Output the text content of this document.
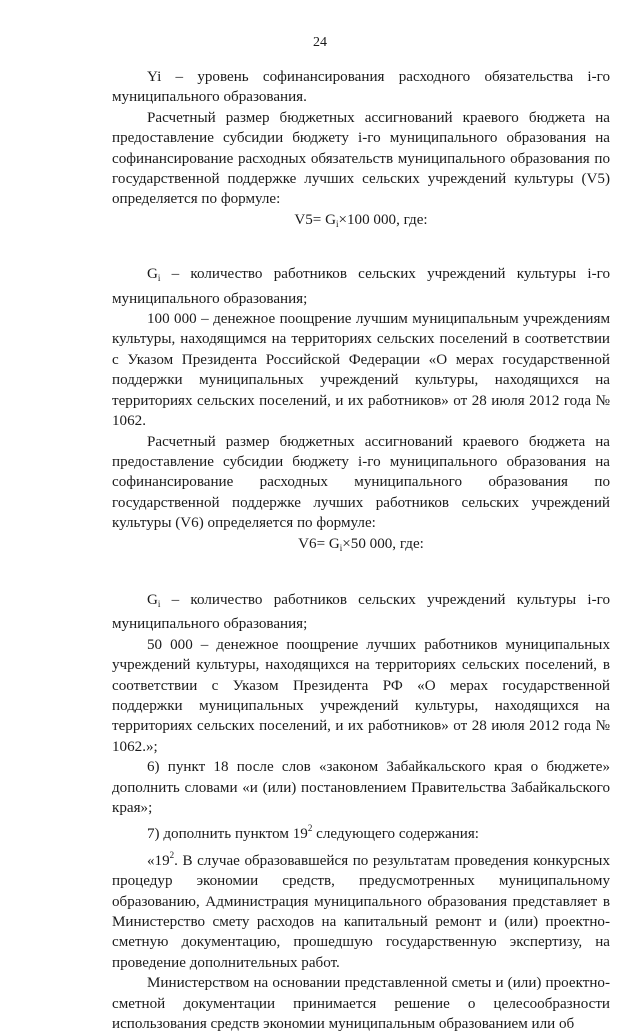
24

Yi – уровень софинансирования расходного обязательства i-го муниципального образования.

Расчетный размер бюджетных ассигнований краевого бюджета на предоставление субсидии бюджету i-го муниципального образования на софинансирование расходных обязательств муниципального образования по государственной поддержке лучших сельских учреждений культуры (V5) определяется по формуле:

$V5= G_i\times 100$ 000, где:

$G_i$ – количество работников сельских учреждений культуры i-го муниципального образования;

100 000 – денежное поощрение лучшим муниципальным учреждениям культуры, находящимся на территориях сельских поселений в соответствии с Указом Президента Российской Федерации «О мерах государственной поддержки муниципальных учреждений культуры, находящихся на территориях сельских поселений, и их работников» от 28 июля 2012 года № 1062.

Расчетный размер бюджетных ассигнований краевого бюджета на предоставление субсидии бюджету i-го муниципального образования на софинансирование расходных муниципального образования по государственной поддержке лучших работников сельских учреждений культуры (V6) определяется по формуле:

$V6= G_i\times 50$ 000, где:

$G_i$ – количество работников сельских учреждений культуры i-го муниципального образования;

50 000 – денежное поощрение лучших работников муниципальных учреждений культуры, находящихся на территориях сельских поселений, в соответствии с Указом Президента РФ «О мерах государственной поддержки муниципальных учреждений культуры, находящихся на территориях сельских поселений, и их работников» от 28 июля 2012 года № 1062.»;

6) пункт 18 после слов «законом Забайкальского края о бюджете» дополнить словами «и (или) постановлением Правительства Забайкальского края»;

7) дополнить пунктом $19^2$ следующего содержания:

«$19^2$. В случае образовавшейся по результатам проведения конкурсных процедур экономии средств, предусмотренных муниципальному образованию, Администрация муниципального образования представляет в Министерство смету расходов на капитальный ремонт и (или) проектно-сметную документацию, прошедшую государственную экспертизу, на проведение дополнительных работ.

Министерством на основании представленной сметы и (или) проектно-сметной документации принимается решение о целесообразности использования средств экономии муниципальным образованием или об
